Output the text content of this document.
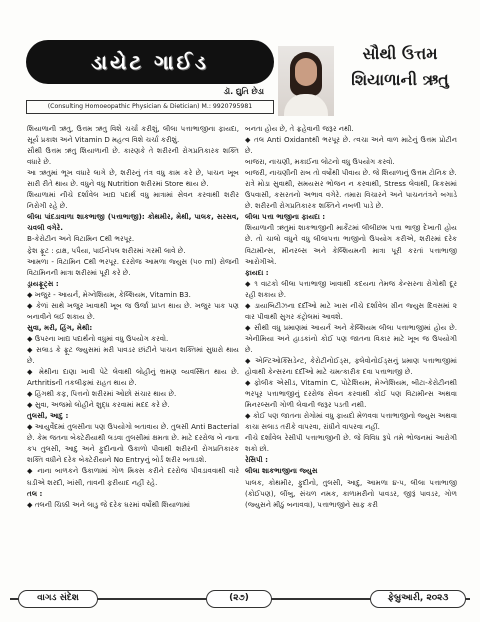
ડાયેટ ગાઈડ
ડૉ. દ્યુતિ છેડા
(Consulting Homoeopathic Physician & Dietician) M.: 9920795981
સૌથી ઉત્તમ
શિયાળાની ઋતુ

શિયાળાની ઋતુ, ઉત્તમ ઋતુ વિશે ચર્ચા કરીશું, લીલા પત્તાભાજીના ફાયદા, સૂર્ય પ્રકાશ અને Vitamin D મહત્વ વિશે ચર્ચા કરીશું.

સૌથી ઉત્તમ ઋતુ શિયાળાની છે. કારણકે તે શરીરની રોગપ્રતિકારક શક્તિ વધારે છે.

આ ઋતુમાં ભૂખ વધારે લાગે છે, શરીરનું તંત્ર વધુ કામ કરે છે, પાચન ખૂબ સારી રીતે થાય છે. વધુને વધુ Nutrition શરીરમાં Store થાય છે.

શિયાળામાં નીચે દર્શાવેલ ખાદ્ય પદાર્થ વધુ માત્રામાં સેવન કરવાથી શરીર નિરોગી રહે છે.

લીલા પાંદડાવાળા શાકભાજી (પત્તાભાજી): કોથમીર, મેથી, પાલક, સરસવ, ચવલી વગેરે.

B-કેરોટીન અને વિટામિન Cથી ભરપૂર.

ફેશ ફ્રૂટ : દ્રાક્ષ, પપૈયા, પાઈનેપલ શરીરમાં ગરમી લાવે છે.

આમળા - વિટામિન Cથી ભરપૂર. દરરોજ આમળા જ્યુસ (૫૦ ml) રોજની વિટામિનની માત્રા શરીરમાં પૂરી કરે છે.

ડ્રાયફ્રૂટ્સ :

◆ ખજુર - આયર્ન, મેગ્નેશિયમ, કેલ્શિયમ, Vitamin B3.

◆ કેળાં સાથે ખજુર ખાવાથી ખૂબ જ ઉર્જા પ્રાપ્ત થાય છે. ખજુર પાક પણ બનાવીને લઈ શકાય છે.

સુવા, મરી, હિંગ, મેથી:

◆ ઉપરના ખાદ્ય પદાર્થનો વધુમાં વધુ ઉપયોગ કરવો.

◆ સલાડ કે ફ્રૂટ જ્યુસમાં મરી પાવડર છાંટીને પાચન શક્તિમાં સુધારો થાય છે.

◆ મેથીના દાણા ખાવી પેટે લેવાથી લોહીનું ભ્રમણ વ્યવસ્થિત થાય છે. Arthritisની તકલીફમાં રાહત થાય છે.

◆ હિંગથી કફ, પિત્તનો શરીરમાં ઓછો સંચાર થાય છે.

◆ સુવા, અજમો લોહીને શુદ્ધ કરવામાં મદદ કરે છે.

તુલસી, આદુ :

◆ આયુર્વેદમાં તુલસીના પણ ઉપયોગો બતાવાય છે. તુલસી Anti Bacterial છે. કેમ જતના બેક્ટેરીયાથી લડવા તુલસીમાં ક્ષમતા છે. માટે દરરોજ બે નાના કપ તુલસી, આદુ અને ફુદીનાનો ઉકાળો પીવાથી શરીરની રોગપ્રતિકારક શક્તિ વધીને દરેક બેક્ટેરીયાને No Entryનું બોર્ડ શરીર બતાડશે.

◆ નાના બાળકને ઉકાળામાં ગોળ મિક્સ કરીને દરરોજ પીવડાવવાથી વારે ઘડીએ શરદી, ખાંસી, તાવની ફરીયાદ નહીં રહે.

તલ :

◆ તલની ચિક્કી અને લાડુ જે દરેક ઘરમાં વર્ષોથી શિયાળામાં

બનતા હોય છે, તે ફ્રહેવાની જરૂર નથી.

◆ તલ Anti Oxidantથી ભરપૂર છે. ત્વચા અને વાળ માટેનું ઉત્તમ પ્રોટીન છે.

બાજરા, નાચણી, મકાઈના લોટનો વધુ ઉપયોગ કરવો.

બાજરી, નાચણીની રાબ તો વર્ષોથી પીવાય છે. જે શિયાળાનું ઉત્તમ ટોનિક છે.

રાત્રે મોડા સુવાથી, સમયસર ભોજન ન કરવાથી, Stress લેવાથી, ક્રિકસમાં ઉપવાસી, કસરતનો અભાવ વગેરે. તમારા વિચારને અને પાચનતંત્રને બગાડે છે. શરીરની રોગપ્રતિકારક શક્તિને નબળી પાડે છે.

લીલા પત્તા ભાજીના ફાયદા :

શિયાળાની ઋતુમાં શાકભાજીની માર્કેટમાં લીલીછમ પત્તા ભાજી દેખાતી હોય છે. તો ચાલો વધુને વધુ લીલાપત્તા ભાજીનો ઉપયોગ કરીએ, શરીરમાં દરેક વિટામીન્સ, મીનરલ્સ અને કેલ્શિયમની માત્રા પૂરી કરતાં પત્તાભાજી આરોગીએ.

ફાયદા :

◆ ૧ વાટકો લીલા પત્તાભાજી ખાવાથી કદયના તેમજ કેન્સરના રોગોથી દૂર રહી શકાય છે.

◆ ડાયાબિટીઝના દર્દીઓ માટે ખાસ નીચે દર્શાવેલ ગ્રીન જ્યુસ દિવસમાં ૨ વાર પીવાથી સુગર કંટ્રોલમાં આવશે.

◆ સૌથી વધુ પ્રમાણમાં આયર્ન અને કેલ્શિયમ લીલા પત્તાભાજીમાં હોય છે. એનીમિયા અને હાડકાંનો કોઈ પણ જાતના વિકાર માટે ખૂબ જ ઉપયોગી છે.

◆ એન્ટિઓક્સિડેન્ટ, કેરોટીનોઈડ્સ, ફ્લેવોનોઈડ્સનું પ્રમાણ પત્તાભાજીમાં હોવાથી કેન્સરના દર્દીઓ માટે ચમત્કારીક દવા પત્તાભાજી છે.

◆ ફોલીક એસીડ, Vitamin C, પોટેશિયમ, મેગ્નેશિયમ, બીટા-કેરોટીનથી ભરપૂર પત્તાભાજીનું દરરોજ સેવન કરવાથી કોઈ પણ વિટામીન્સ અથવા મિનરલ્સની ગોળી લેવાની જરૂર પડતી નથી.

◆ કોઈ પણ જાતના રોગોમાં વધુ ફાયદો મેળવવા પત્તાભાજીનો જ્યુસ અથવા કાચા સલાડ તરીકે વાપરવા, રાંધીને વાપરવા નહીં.

નીચે દર્શાવેલ રેસીપી પત્તાભાજીની છે. જે વિવિધ રૂપે તમે ભોજનમાં આરોગી શકો છો.

રેસિપી :

લીલા શાકભાજીના જ્યુસ

પાલક, કોથમીર, ફુદીનો, તુલસી, આદુ, આમળા ૪-૫, લીલા પત્તાભાજી (કોઈપણ), લીંબુ, સંચળ નમક, કાળામરીનો પાવડર, જીરૂં પાવડર, ગોળ (જ્યુસને મીઠું બનાવવા), પત્તાભાજીને સાફ કરી

વાગડ સંદેશ	(૨૭)	ફેબ્રુઆરી, ૨૦૨૩
